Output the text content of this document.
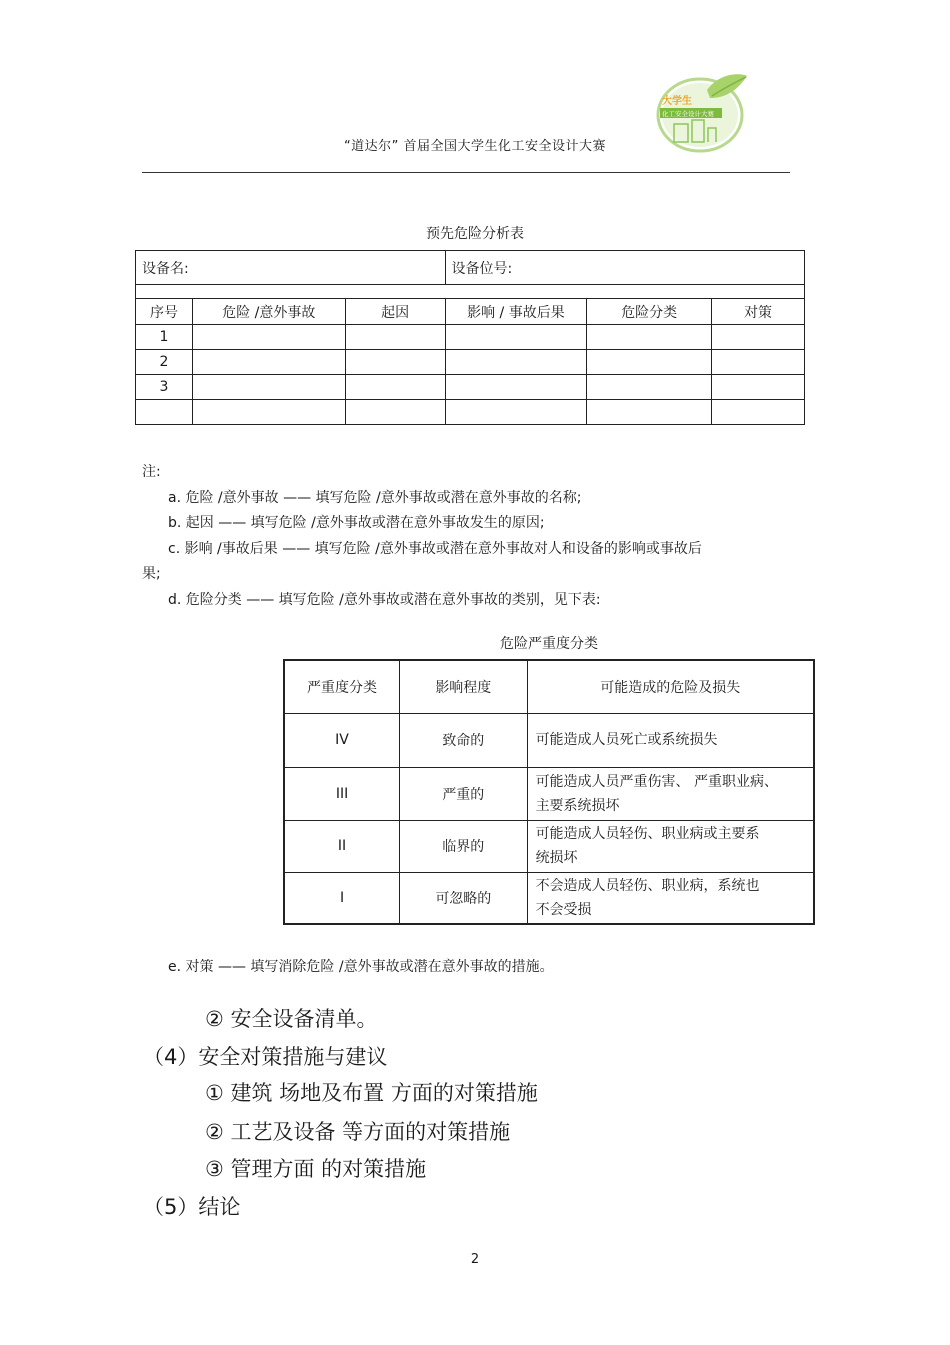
大学生
化工安全设计大赛
“道达尔” 首届全国大学生化工安全设计大赛
预先危险分析表
设备名:			设备位号:		

序号	危险 /意外事故	起因	影响 / 事故后果	危险分类	对策
1					
2					
3					

注:
a. 危险 /意外事故 —— 填写危险 /意外事故或潜在意外事故的名称;
b. 起因 —— 填写危险 /意外事故或潜在意外事故发生的原因;
c. 影响 /事故后果 —— 填写危险 /意外事故或潜在意外事故对人和设备的影响或事故后
果;
d. 危险分类 —— 填写危险 /意外事故或潜在意外事故的类别，见下表:
危险严重度分类
严重度分类	影响程度	可能造成的危险及损失
IV	致命的	可能造成人员死亡或系统损失

III	严重的	可能造成人员严重伤害、 严重职业病、
主要系统损坏

II	临界的	可能造成人员轻伤、职业病或主要系
统损坏

I	可忽略的	不会造成人员轻伤、职业病，系统也
不会受损
e. 对策 —— 填写消除危险 /意外事故或潜在意外事故的措施。
② 安全设备清单。
（4）安全对策措施与建议
① 建筑 场地及布置 方面的对策措施
② 工艺及设备 等方面的对策措施
③ 管理方面 的对策措施
（5）结论
2
